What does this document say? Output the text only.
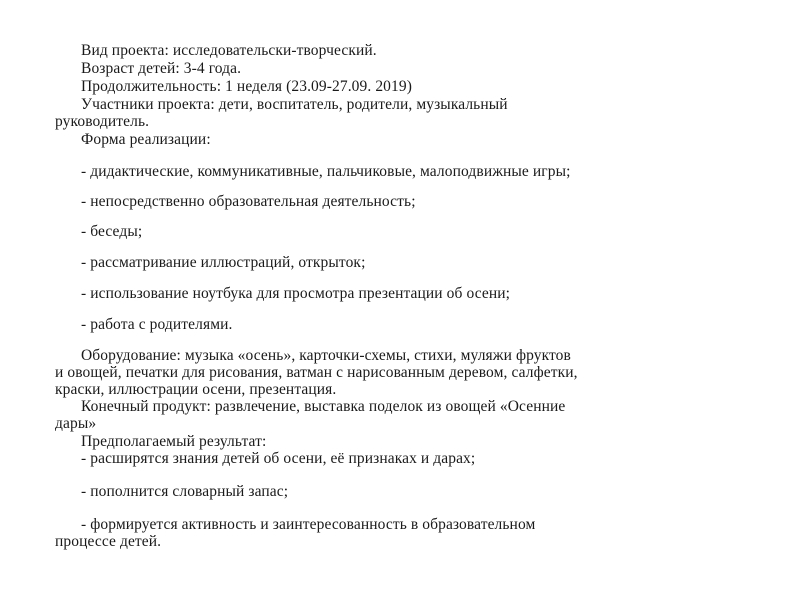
Вид проекта: исследовательски-творческий.
Возраст детей: 3-4 года.
Продолжительность: 1 неделя (23.09-27.09. 2019)
Участники проекта: дети, воспитатель, родители, музыкальный
руководитель.
Форма реализации:
- дидактические, коммуникативные, пальчиковые, малоподвижные игры;
- непосредственно образовательная деятельность;
- беседы;
- рассматривание иллюстраций, открыток;
- использование ноутбука для просмотра презентации об осени;
- работа с родителями.
Оборудование: музыка «осень», карточки-схемы, стихи, муляжи фруктов
и овощей, печатки для рисования, ватман с нарисованным деревом, салфетки,
краски, иллюстрации осени, презентация.
Конечный продукт: развлечение, выставка поделок из овощей «Осенние
дары»
Предполагаемый результат:
- расширятся знания детей об осени, её признаках и дарах;
- пополнится словарный запас;
- формируется активность и заинтересованность в образовательном
процессе детей.
